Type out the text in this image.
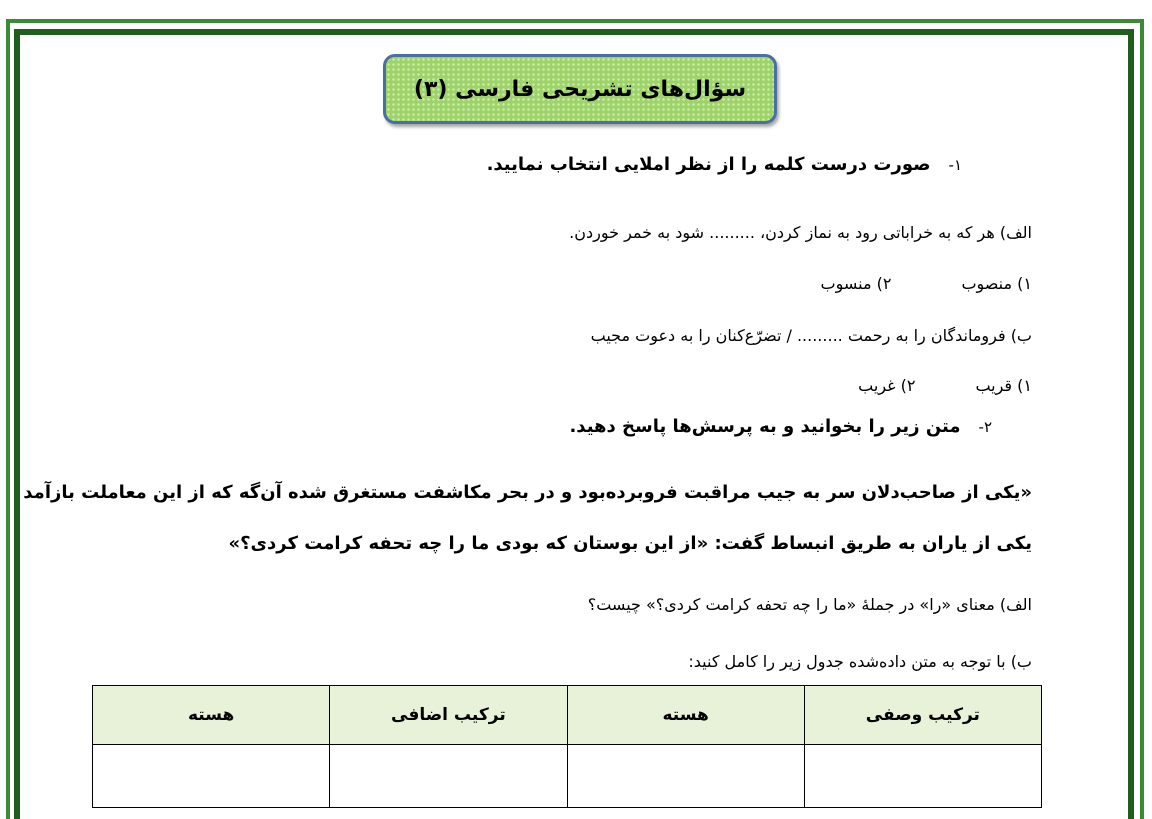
سؤال‌های تشریحی فارسی (۳)
۱-صورت درست کلمه را از نظر املایی انتخاب نمایید.
الف) هر که به خراباتی رود به نماز کردن، ......... شود به خمر خوردن.
۱) منصوب۲) منسوب
ب) فروماندگان را به رحمت ......... / تضرّع‌کنان را به دعوت مجیب
۱) قریب۲) غریب
۲-متن زیر را بخوانید و به پرسش‌ها پاسخ دهید.
«یکی از صاحب‌دلان سر به جیب مراقبت فروبرده‌بود و در بحر مکاشفت مستغرق شده آن‌گه که از این معاملت بازآمد
یکی از یاران به طریق انبساط گفت: «از این بوستان که بودی ما را چه تحفه کرامت کردی؟»
الف) معنای «را» در جملهٔ «ما را چه تحفه کرامت کردی؟» چیست؟
ب) با توجه به متن داده‌شده جدول زیر را کامل کنید:
ترکیب وصفی	هسته	ترکیب اضافی	هسته
